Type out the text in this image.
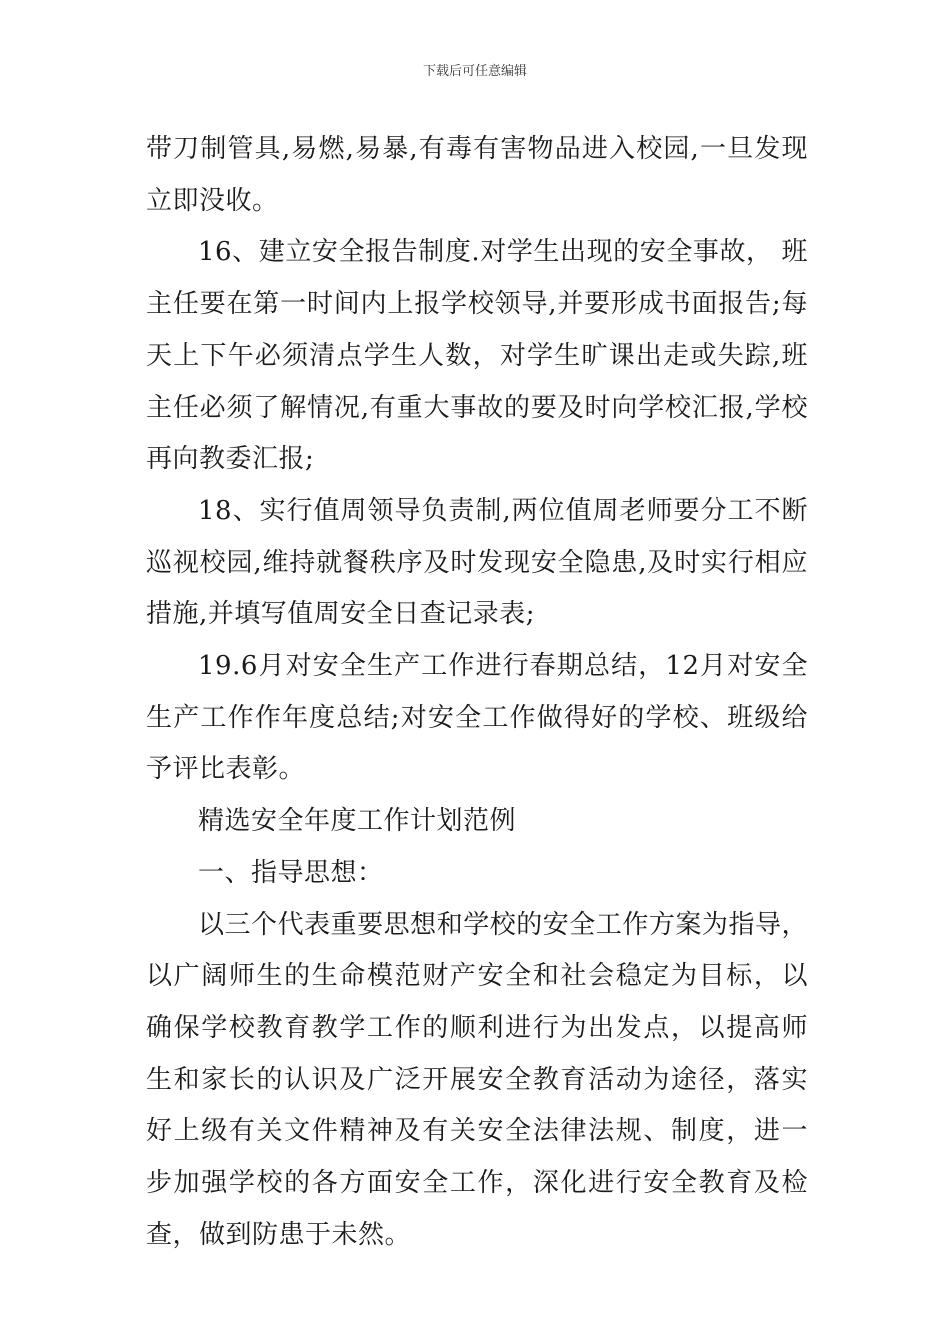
下载后可任意编辑

带刀制管具,易燃,易暴,有毒有害物品进入校园,一旦发现立即没收。

16、建立安全报告制度.对学生出现的安全事故， 班主任要在第一时间内上报学校领导,并要形成书面报告;每天上下午必须清点学生人数，对学生旷课出走或失踪,班主任必须了解情况,有重大事故的要及时向学校汇报,学校再向教委汇报;

18、实行值周领导负责制,两位值周老师要分工不断巡视校园,维持就餐秩序及时发现安全隐患,及时实行相应措施,并填写值周安全日查记录表;

19.6月对安全生产工作进行春期总结，12月对安全生产工作作年度总结;对安全工作做得好的学校、班级给予评比表彰。

精选安全年度工作计划范例

一、指导思想：

以三个代表重要思想和学校的安全工作方案为指导，以广阔师生的生命模范财产安全和社会稳定为目标，以确保学校教育教学工作的顺利进行为出发点，以提高师生和家长的认识及广泛开展安全教育活动为途径，落实好上级有关文件精神及有关安全法律法规、制度，进一步加强学校的各方面安全工作，深化进行安全教育及检查，做到防患于未然。
